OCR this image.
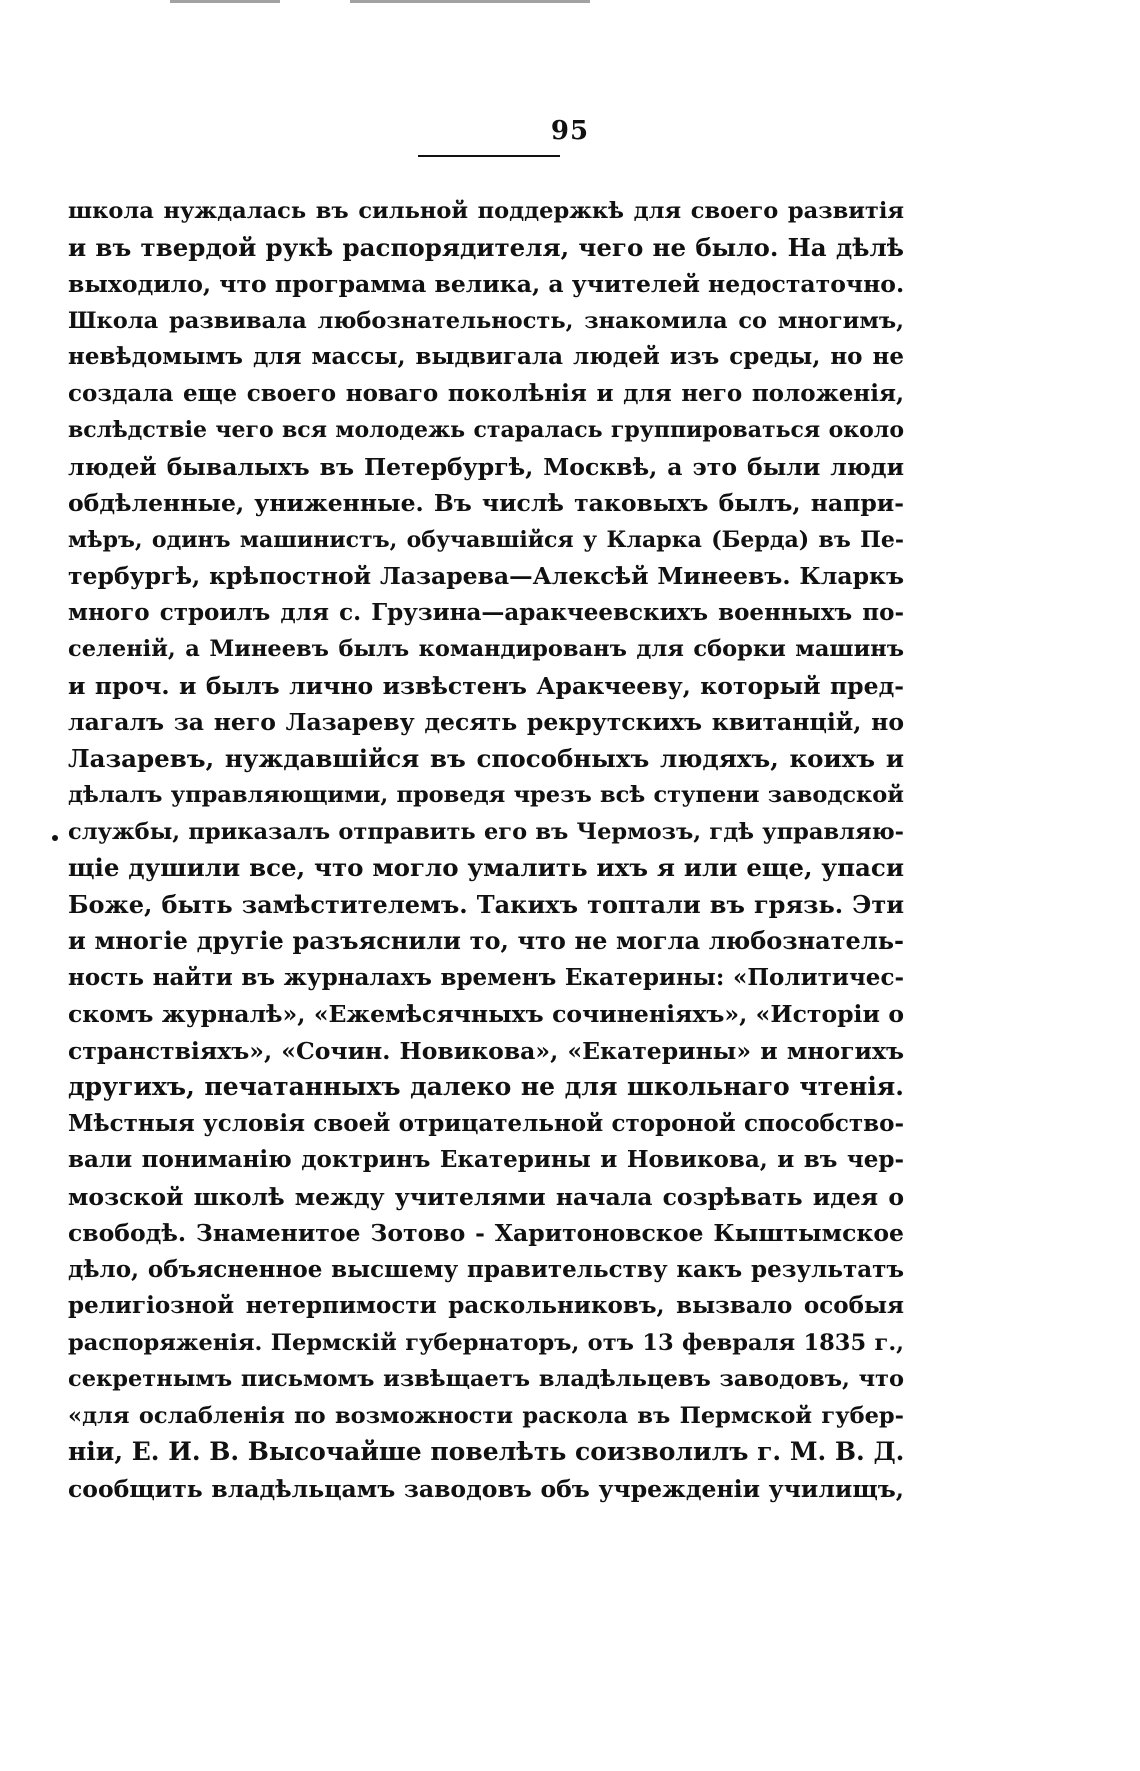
95
школа нуждалась въ сильной поддержкѣ для своего развитія
и въ твердой рукѣ распорядителя, чего не было. На дѣлѣ
выходило, что программа велика, а учителей недостаточно.
Школа развивала любознательность, знакомила со многимъ,
невѣдомымъ для массы, выдвигала людей изъ среды, но не
создала еще своего новаго поколѣнія и для него положенія,
вслѣдствіе чего вся молодежь старалась группироваться около
людей бывалыхъ въ Петербургѣ, Москвѣ, а это были люди
обдѣленные, униженные. Въ числѣ таковыхъ былъ, напри-
мѣръ, одинъ машинистъ, обучавшійся у Кларка (Берда) въ Пе-
тербургѣ, крѣпостной Лазарева—Алексѣй Минеевъ. Кларкъ
много строилъ для с. Грузина—аракчеевскихъ военныхъ по-
селеній, а Минеевъ былъ командированъ для сборки машинъ
и проч. и былъ лично извѣстенъ Аракчееву, который пред-
лагалъ за него Лазареву десять рекрутскихъ квитанцій, но
Лазаревъ, нуждавшійся въ способныхъ людяхъ, коихъ и
дѣлалъ управляющими, проведя чрезъ всѣ ступени заводской
службы, приказалъ отправить его въ Чермозъ, гдѣ управляю-
щіе душили все, что могло умалить ихъ я или еще, упаси
Боже, быть замѣстителемъ. Такихъ топтали въ грязь. Эти
и многіе другіе разъяснили то, что не могла любознатель-
ность найти въ журналахъ временъ Екатерины: «Политичес-
скомъ журналѣ», «Ежемѣсячныхъ сочиненіяхъ», «Исторіи о
странствіяхъ», «Сочин. Новикова», «Екатерины» и многихъ
другихъ, печатанныхъ далеко не для школьнаго чтенія.
Мѣстныя условія своей отрицательной стороной способство-
вали пониманію доктринъ Екатерины и Новикова, и въ чер-
мозской школѣ между учителями начала созрѣвать идея о
свободѣ. Знаменитое Зотово - Харитоновское Кыштымское
дѣло, объясненное высшему правительству какъ результатъ
религіозной нетерпимости раскольниковъ, вызвало особыя
распоряженія. Пермскій губернаторъ, отъ 13 февраля 1835 г.,
секретнымъ письмомъ извѣщаетъ владѣльцевъ заводовъ, что
«для ослабленія по возможности раскола въ Пермской губер-
ніи, Е. И. В. Высочайше повелѣть соизволилъ г. М. В. Д.
сообщить владѣльцамъ заводовъ объ учрежденіи училищъ,
